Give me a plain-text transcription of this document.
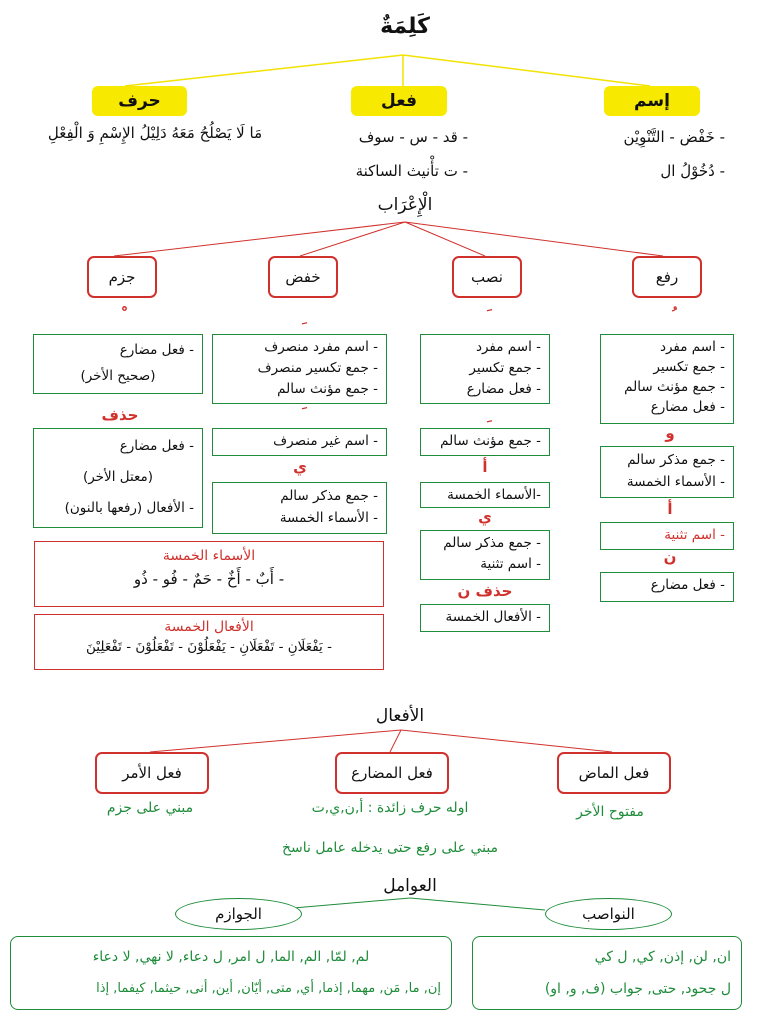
كَلِمَةٌ
حرف	فعل	إسم
مَا لَا يَصْلُحُ مَعَهُ دَلِيْلُ الإِسْمِ وَ الْفِعْلِ	- قد - س - سوف
- ت تأْنيث الساكنة
- خَفْض - التَّنْوِيْن
- دُخُوْلُ ال
الْإِعْرَاب
جزم	خفض	نصب	رفع
- اسم مفرد
- جمع تكسير
- جمع مؤنث سالم
- فعل مضارع
و
- جمع مذكر سالم
- الأسماء الخمسة
أ
- اسم تثنية
ن
- فعل مضارع
- اسم مفرد
- جمع تكسير
- فعل مضارع
- جمع مؤنث سالم
أ
-الأسماء الخمسة
ي
- جمع مذكر سالم
- اسم تثنية
حذف ن
- الأفعال الخمسة
- اسم مفرد منصرف
- جمع تكسير منصرف
- جمع مؤنث سالم
- اسم غير منصرف
ي
- جمع مذكر سالم
- الأسماء الخمسة
- فعل مضارع
(صحيح الأخر)
حذف
- فعل مضارع
(معتل الأخر)
- الأفعال (رفعها بالنون)
الأسماء الخمسة
- أَبٌ - أَخٌ - حَمٌ - فُو - ذُو
الأفعال الخمسة
- يَفْعَلَانِ - تَفْعَلَانِ - يَفْعَلُوْنَ - تَفْعَلُوْنَ - تَفْعَلِيْنَ
الأفعال
فعل الأمر	فعل المضارع	فعل الماض
مبني على جزم	اوله حرف زائدة : أ,ن,ي,ت	مفتوح الأخر
مبني على رفع حتى يدخله عامل ناسخ
العوامل
الجوازم	النواصب
لم, لمّا, الم, الما, ل امر, ل دعاء, لا نهي, لا دعاء
إن, ما, مَن, مهما, إذما, أي, متى, أيّان, أين, أنى, حيثما, كيفما, إذا
ان, لن, إذن, كي, ل كي
ل جحود, حتى, جواب (ف, و, او)
